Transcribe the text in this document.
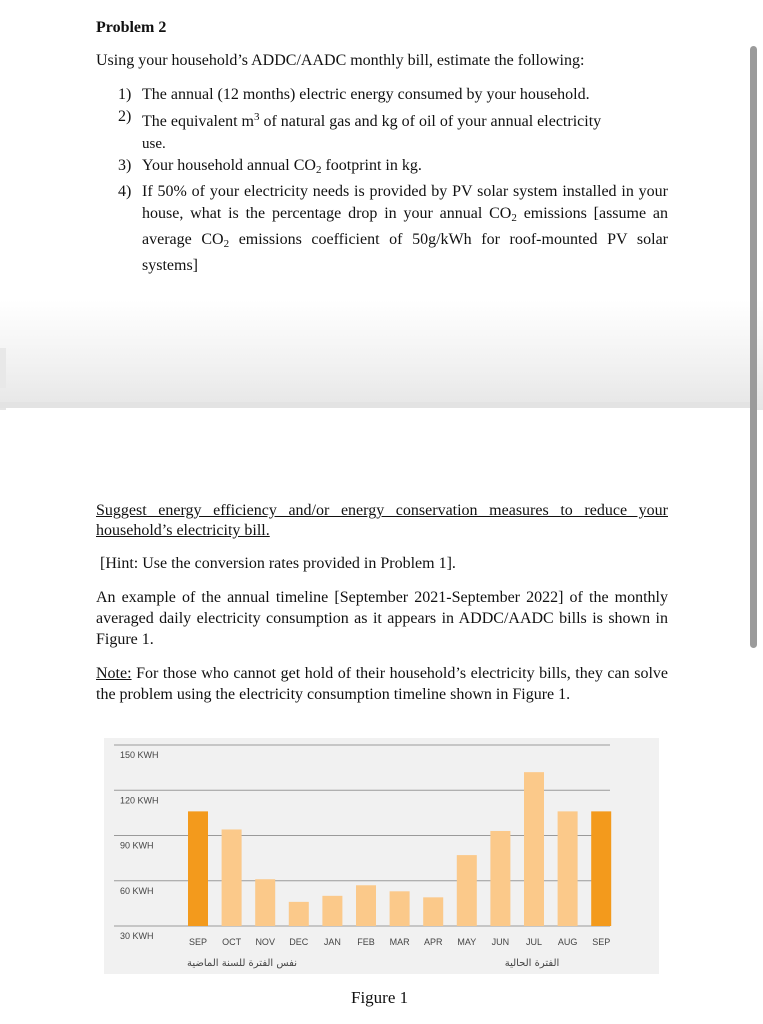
Problem 2
Using your household’s ADDC/AADC monthly bill, estimate the following:
1) The annual (12 months) electric energy consumed by your household.
2) The equivalent $m^3$ of natural gas and kg of oil of your annual electricity
use.
3) Your household annual $CO_2$ footprint in kg.
4) If 50% of your electricity needs is provided by PV solar system installed in your house, what is the percentage drop in your annual $CO_2$ emissions [assume an average $CO_2$ emissions coefficient of 50g/kWh for roof-mounted PV solar systems]
Suggest energy efficiency and/or energy conservation measures to reduce your household’s electricity bill.
[Hint: Use the conversion rates provided in Problem 1].
An example of the annual timeline [September 2021-September 2022] of the monthly averaged daily electricity consumption as it appears in ADDC/AADC bills is shown in Figure 1.
Note: For those who cannot get hold of their household’s electricity bills, they can solve the problem using the electricity consumption timeline shown in Figure 1.
150 KWH
120 KWH
90 KWH
60 KWH
30 KWH
SEP OCT NOV DEC JAN FEB MAR APR MAY JUN JUL AUG SEP
نفس الفترة للسنة الماضية	الفترة الحالية
Figure 1
